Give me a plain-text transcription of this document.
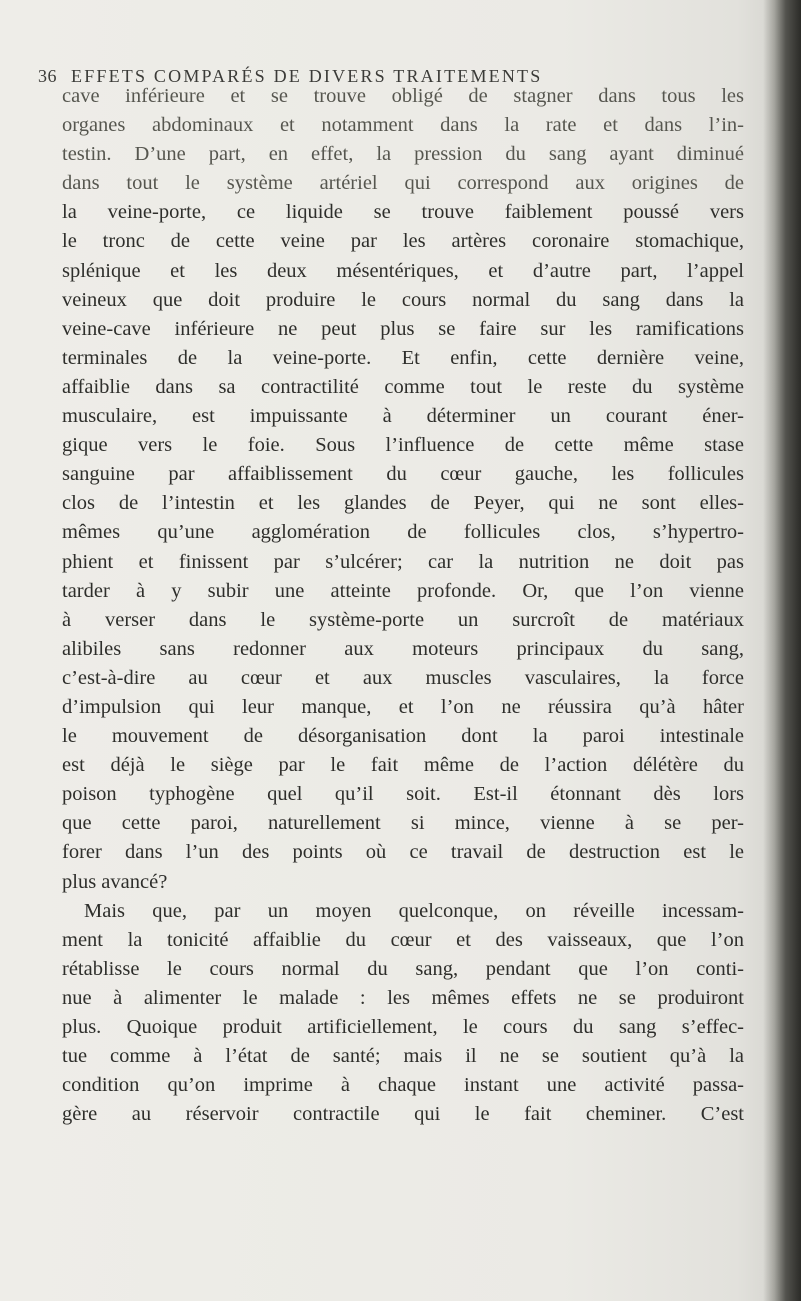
36 EFFETS COMPARÉS DE DIVERS TRAITEMENTS
cave inférieure et se trouve obligé de stagner dans tous les
organes abdominaux et notamment dans la rate et dans l’in-
testin. D’une part, en effet, la pression du sang ayant diminué
dans tout le système artériel qui correspond aux origines de
la veine-porte, ce liquide se trouve faiblement poussé vers
le tronc de cette veine par les artères coronaire stomachique,
splénique et les deux mésentériques, et d’autre part, l’appel
veineux que doit produire le cours normal du sang dans la
veine-cave inférieure ne peut plus se faire sur les ramifications
terminales de la veine-porte. Et enfin, cette dernière veine,
affaiblie dans sa contractilité comme tout le reste du système
musculaire, est impuissante à déterminer un courant éner-
gique vers le foie. Sous l’influence de cette même stase
sanguine par affaiblissement du cœur gauche, les follicules
clos de l’intestin et les glandes de Peyer, qui ne sont elles-
mêmes qu’une agglomération de follicules clos, s’hypertro-
phient et finissent par s’ulcérer; car la nutrition ne doit pas
tarder à y subir une atteinte profonde. Or, que l’on vienne
à verser dans le système-porte un surcroît de matériaux
alibiles sans redonner aux moteurs principaux du sang,
c’est-à-dire au cœur et aux muscles vasculaires, la force
d’impulsion qui leur manque, et l’on ne réussira qu’à hâter
le mouvement de désorganisation dont la paroi intestinale
est déjà le siège par le fait même de l’action délétère du
poison typhogène quel qu’il soit. Est-il étonnant dès lors
que cette paroi, naturellement si mince, vienne à se per-
forer dans l’un des points où ce travail de destruction est le
plus avancé?
Mais que, par un moyen quelconque, on réveille incessam-
ment la tonicité affaiblie du cœur et des vaisseaux, que l’on
rétablisse le cours normal du sang, pendant que l’on conti-
nue à alimenter le malade : les mêmes effets ne se produiront
plus. Quoique produit artificiellement, le cours du sang s’effec-
tue comme à l’état de santé; mais il ne se soutient qu’à la
condition qu’on imprime à chaque instant une activité passa-
gère au réservoir contractile qui le fait cheminer. C’est
